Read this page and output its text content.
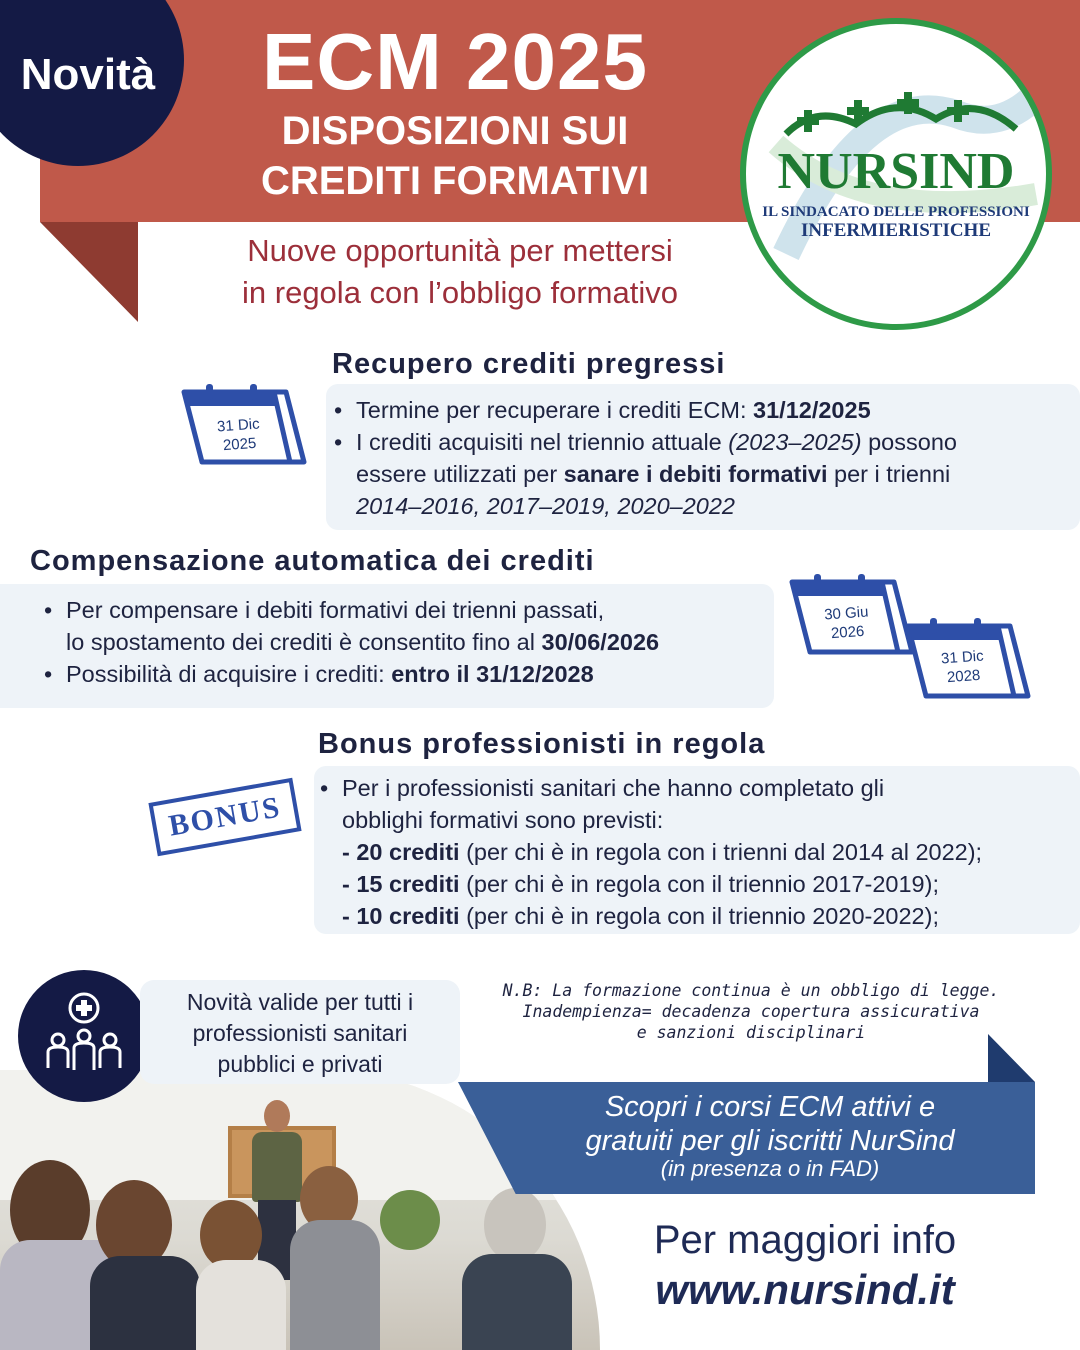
Novità	ECM 2025
DISPOSIZIONI SUI
CREDITI FORMATIVI	NURSIND
IL SINDACATO DELLE PROFESSIONI
INFERMIERISTICHE
Nuove opportunità per mettersi
in regola con l’obbligo formativo
Recupero crediti pregressi
31 Dic
2025
• Termine per recuperare i crediti ECM: 31/12/2025
• I crediti acquisiti nel triennio attuale (2023–2025) possono
essere utilizzati per sanare i debiti formativi per i trienni
2014–2016, 2017–2019, 2020–2022
Compensazione automatica dei crediti
• Per compensare i debiti formativi dei trienni passati,
lo spostamento dei crediti è consentito fino al 30/06/2026
• Possibilità di acquisire i crediti: entro il 31/12/2028
30 Giu
2026
31 Dic
2028
Bonus professionisti in regola
BONUS
• Per i professionisti sanitari che hanno completato gli
obblighi formativi sono previsti:
- 20 crediti (per chi è in regola con i trienni dal 2014 al 2022);
- 15 crediti (per chi è in regola con il triennio 2017-2019);
- 10 crediti (per chi è in regola con il triennio 2020-2022);
Novità valide per tutti i
professionisti sanitari
pubblici e privati
N.B: La formazione continua è un obbligo di legge.
Inadempienza= decadenza copertura assicurativa
e sanzioni disciplinari
Scopri i corsi ECM attivi e
gratuiti per gli iscritti NurSind
(in presenza o in FAD)
Per maggiori info
www.nursind.it
